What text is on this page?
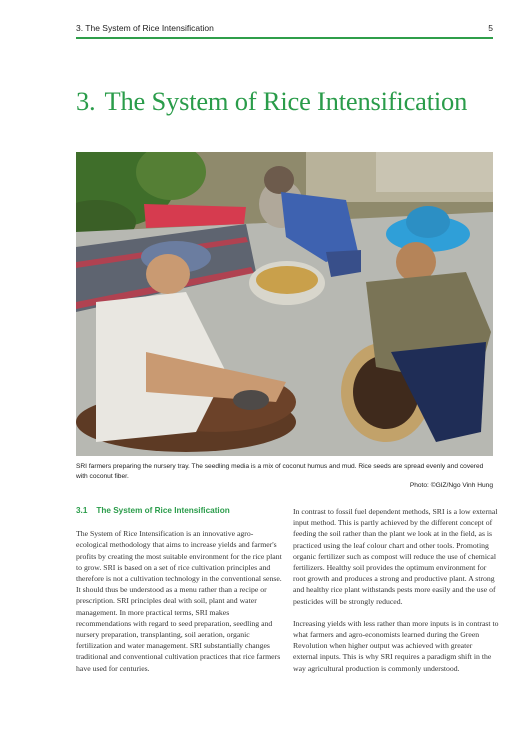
3. The System of Rice Intensification	5
3. The System of Rice Intensification
SRI farmers preparing the nursery tray. The seedling media is a mix of coconut humus and mud. Rice seeds are spread evenly and covered with coconut fiber.
Photo: ©GIZ/Ngo Vinh Hung
3.1 The System of Rice Intensification

The System of Rice Intensification is an innovative agro-ecological methodology that aims to increase yields and farmer's profits by creating the most suitable environment for the rice plant to grow. SRI is based on a set of rice cultivation principles and therefore is not a cultivation technology in the conventional sense. It should thus be understood as a menu rather than a recipe or prescription. SRI principles deal with soil, plant and water management. In more practical terms, SRI makes recommendations with regard to seed preparation, seedling and nursery preparation, transplanting, soil aeration, organic fertilization and water management. SRI substantially changes traditional and conventional cultivation practices that rice farmers have used for centuries.

In contrast to fossil fuel dependent methods, SRI is a low external input method. This is partly achieved by the different concept of feeding the soil rather than the plant we look at in the field, as is practiced using the leaf colour chart and other tools. Promoting organic fertilizer such as compost will reduce the use of chemical fertilizers. Healthy soil provides the optimum environment for root growth and produces a strong and productive plant. A strong and healthy rice plant withstands pests more easily and the use of pesticides will be strongly reduced.

Increasing yields with less rather than more inputs is in contrast to what farmers and agro-economists learned during the Green Revolution when higher output was achieved with greater external inputs. This is why SRI requires a paradigm shift in the way agricultural production is commonly understood.
